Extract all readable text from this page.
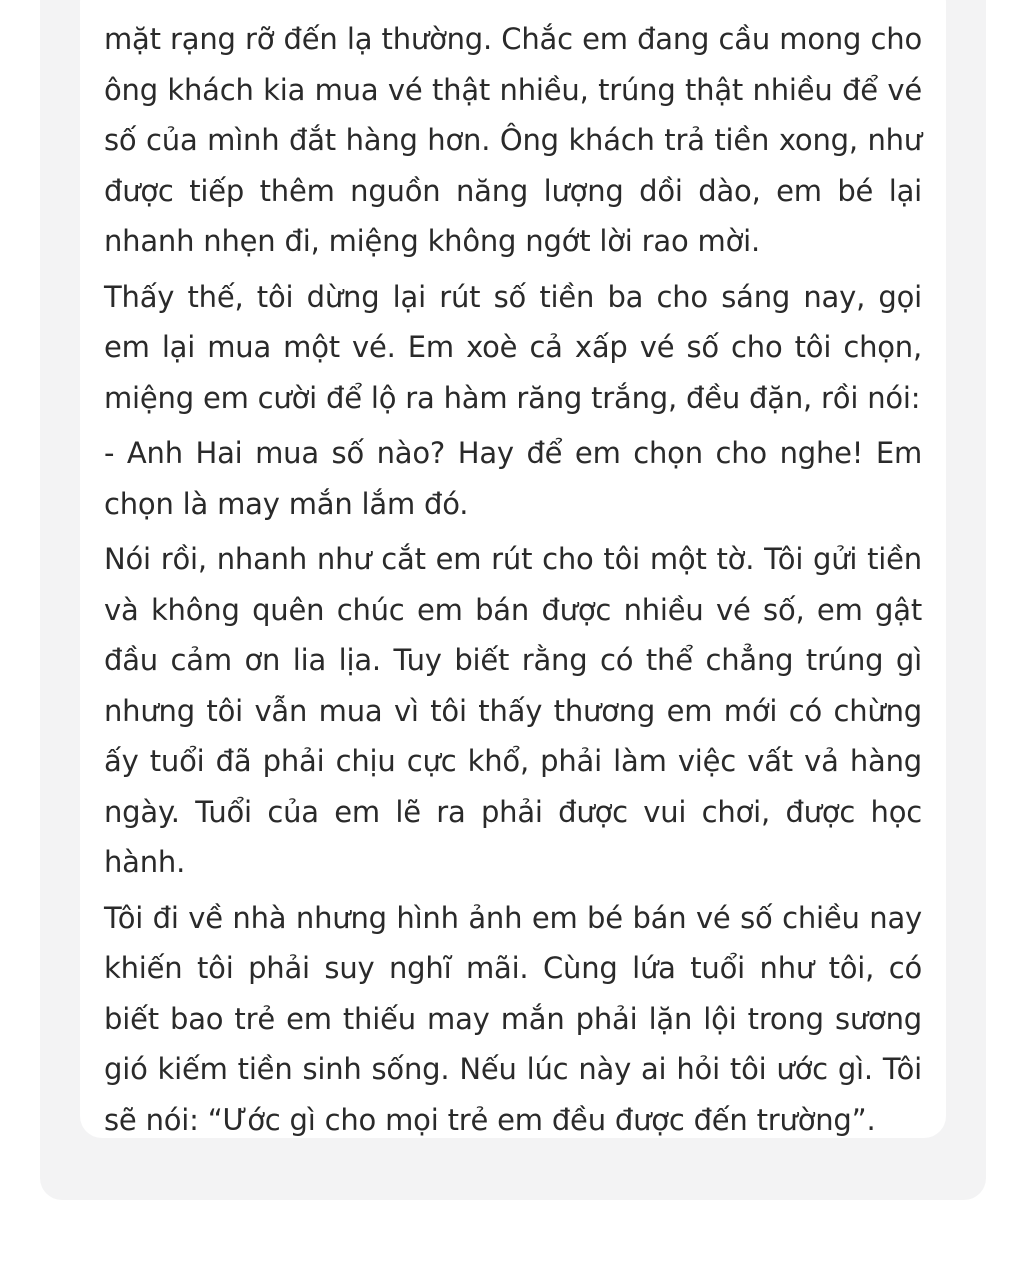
mặt rạng rỡ đến lạ thường. Chắc em đang cầu mong cho ông khách kia mua vé thật nhiều, trúng thật nhiều để vé số của mình đắt hàng hơn. Ông khách trả tiền xong, như được tiếp thêm nguồn năng lượng dồi dào, em bé lại nhanh nhẹn đi, miệng không ngớt lời rao mời.

Thấy thế, tôi dừng lại rút số tiền ba cho sáng nay, gọi em lại mua một vé. Em xoè cả xấp vé số cho tôi chọn, miệng em cười để lộ ra hàm răng trắng, đều đặn, rồi nói:

- Anh Hai mua số nào? Hay để em chọn cho nghe! Em chọn là may mắn lắm đó.

Nói rồi, nhanh như cắt em rút cho tôi một tờ. Tôi gửi tiền và không quên chúc em bán được nhiều vé số, em gật đầu cảm ơn lia lịa. Tuy biết rằng có thể chẳng trúng gì nhưng tôi vẫn mua vì tôi thấy thương em mới có chừng ấy tuổi đã phải chịu cực khổ, phải làm việc vất vả hàng ngày. Tuổi của em lẽ ra phải được vui chơi, được học hành.

Tôi đi về nhà nhưng hình ảnh em bé bán vé số chiều nay khiến tôi phải suy nghĩ mãi. Cùng lứa tuổi như tôi, có biết bao trẻ em thiếu may mắn phải lặn lội trong sương gió kiếm tiền sinh sống. Nếu lúc này ai hỏi tôi ước gì. Tôi sẽ nói: “Ước gì cho mọi trẻ em đều được đến trường”.
